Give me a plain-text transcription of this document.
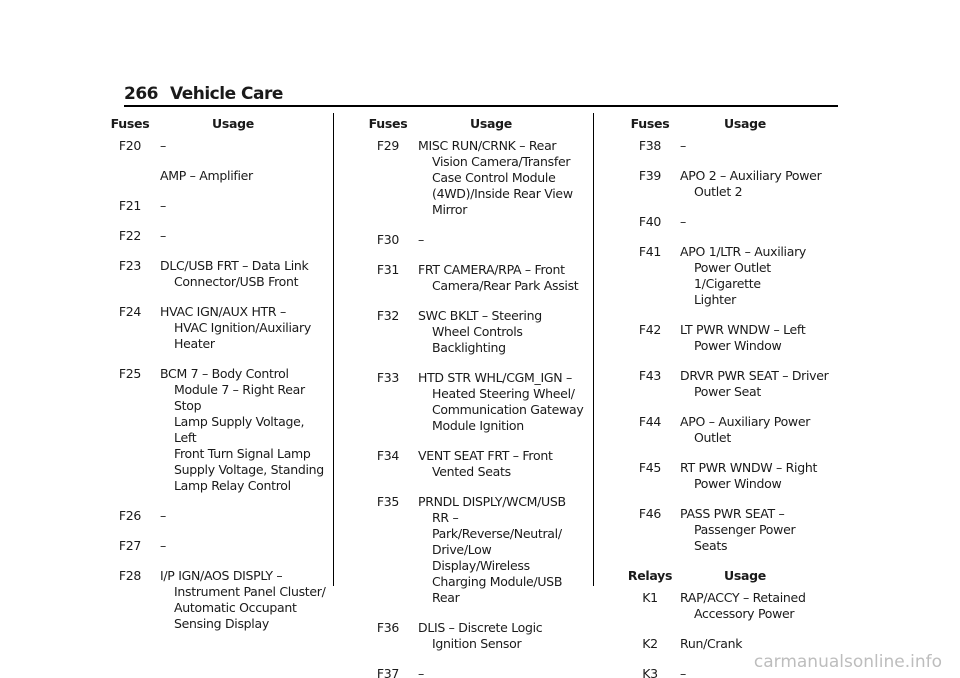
266 Vehicle Care
Fuses	Usage
F20	–
AMP – Amplifier
F21	–
F22	–
F23	DLC/USB FRT – Data Link
Connector/USB Front
F24	HVAC IGN/AUX HTR –
HVAC Ignition/Auxiliary
Heater
F25	BCM 7 – Body Control
Module 7 – Right Rear Stop
Lamp Supply Voltage, Left
Front Turn Signal Lamp
Supply Voltage, Standing
Lamp Relay Control
F26	–
F27	–
F28	I/P IGN/AOS DISPLY –
Instrument Panel Cluster/
Automatic Occupant
Sensing Display
Fuses	Usage
F29	MISC RUN/CRNK – Rear
Vision Camera/Transfer
Case Control Module
(4WD)/Inside Rear View
Mirror
F30	–
F31	FRT CAMERA/RPA – Front
Camera/Rear Park Assist
F32	SWC BKLT – Steering
Wheel Controls
Backlighting
F33	HTD STR WHL/CGM_IGN –
Heated Steering Wheel/
Communication Gateway
Module Ignition
F34	VENT SEAT FRT – Front
Vented Seats
F35	PRNDL DISPLY/WCM/USB
RR – Park/Reverse/Neutral/
Drive/Low Display/Wireless
Charging Module/USB Rear
F36	DLIS – Discrete Logic
Ignition Sensor
F37	–
Fuses	Usage
F38	–
F39	APO 2 – Auxiliary Power
Outlet 2
F40	–
F41	APO 1/LTR – Auxiliary
Power Outlet 1/Cigarette
Lighter
F42	LT PWR WNDW – Left
Power Window
F43	DRVR PWR SEAT – Driver
Power Seat
F44	APO – Auxiliary Power
Outlet
F45	RT PWR WNDW – Right
Power Window
F46	PASS PWR SEAT –
Passenger Power Seats
Relays	Usage
K1	RAP/ACCY – Retained
Accessory Power
K2	Run/Crank
K3	–
carmanualsonline.info
